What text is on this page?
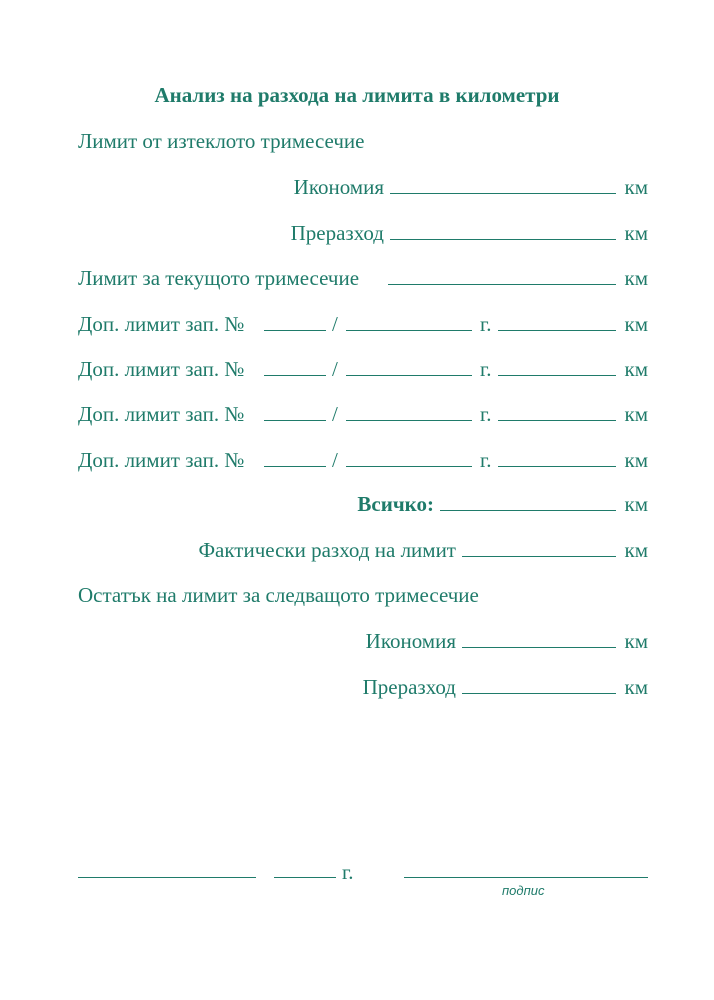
Анализ на разхода на лимита в километри
Лимит от изтеклото тримесечие
Икономия	км
Преразход	км
Лимит за текущото тримесечие	км
Доп. лимит зап. №	/	г.	км
Доп. лимит зап. №	/	г.	км
Доп. лимит зап. №	/	г.	км
Доп. лимит зап. №	/	г.	км
Всичко:	км
Фактически разход на лимит	км
Остатък на лимит за следващото тримесечие
Икономия	км
Преразход	км
г.
подпис
